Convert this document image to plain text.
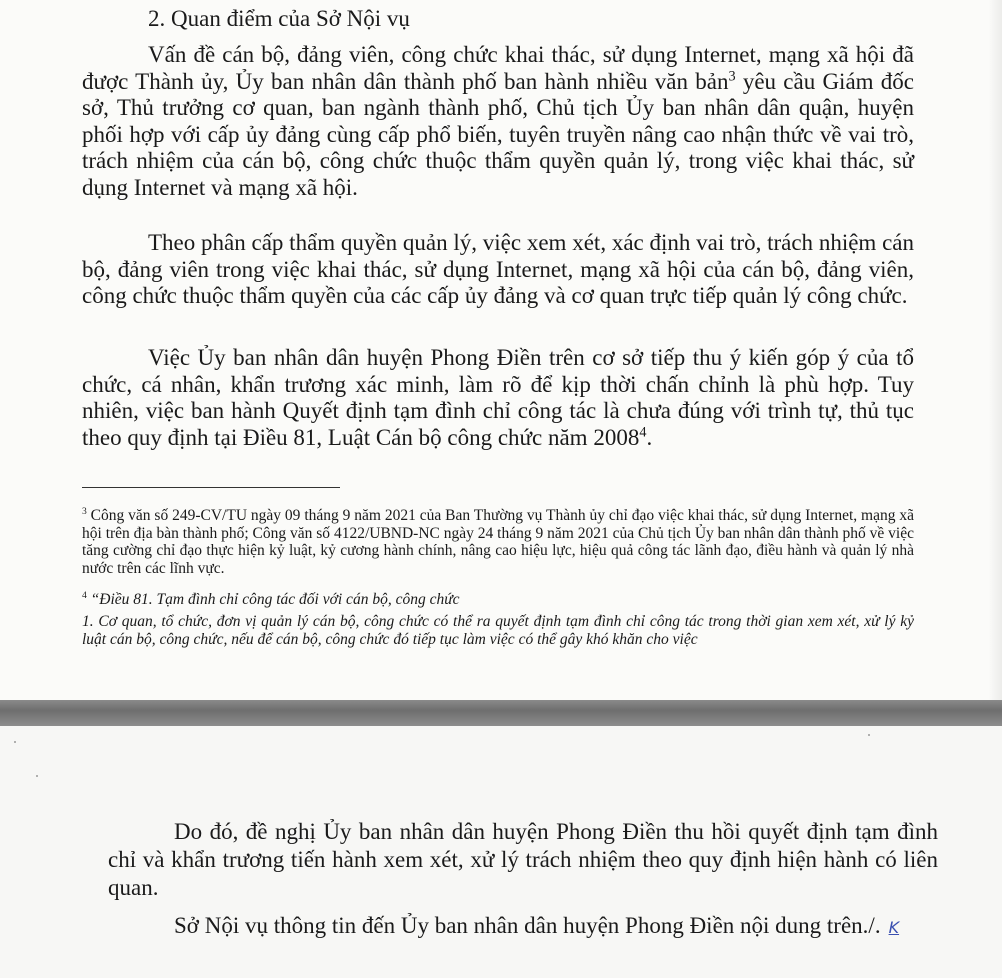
2. Quan điểm của Sở Nội vụ

Vấn đề cán bộ, đảng viên, công chức khai thác, sử dụng Internet, mạng xã hội đã được Thành ủy, Ủy ban nhân dân thành phố ban hành nhiều văn bản$^3$ yêu cầu Giám đốc sở, Thủ trưởng cơ quan, ban ngành thành phố, Chủ tịch Ủy ban nhân dân quận, huyện phối hợp với cấp ủy đảng cùng cấp phổ biến, tuyên truyền nâng cao nhận thức về vai trò, trách nhiệm của cán bộ, công chức thuộc thẩm quyền quản lý, trong việc khai thác, sử dụng Internet và mạng xã hội.

Theo phân cấp thẩm quyền quản lý, việc xem xét, xác định vai trò, trách nhiệm cán bộ, đảng viên trong việc khai thác, sử dụng Internet, mạng xã hội của cán bộ, đảng viên, công chức thuộc thẩm quyền của các cấp ủy đảng và cơ quan trực tiếp quản lý công chức.

Việc Ủy ban nhân dân huyện Phong Điền trên cơ sở tiếp thu ý kiến góp ý của tổ chức, cá nhân, khẩn trương xác minh, làm rõ để kịp thời chấn chỉnh là phù hợp. Tuy nhiên, việc ban hành Quyết định tạm đình chỉ công tác là chưa đúng với trình tự, thủ tục theo quy định tại Điều 81, Luật Cán bộ công chức năm 2008$^4$.

$^3$ Công văn số 249-CV/TU ngày 09 tháng 9 năm 2021 của Ban Thường vụ Thành ủy chỉ đạo việc khai thác, sử dụng Internet, mạng xã hội trên địa bàn thành phố; Công văn số 4122/UBND-NC ngày 24 tháng 9 năm 2021 của Chủ tịch Ủy ban nhân dân thành phố về việc tăng cường chỉ đạo thực hiện kỷ luật, kỷ cương hành chính, nâng cao hiệu lực, hiệu quả công tác lãnh đạo, điều hành và quản lý nhà nước trên các lĩnh vực.

$^4$ “Điều 81. Tạm đình chỉ công tác đối với cán bộ, công chức

1. Cơ quan, tổ chức, đơn vị quản lý cán bộ, công chức có thể ra quyết định tạm đình chỉ công tác trong thời gian xem xét, xử lý kỷ luật cán bộ, công chức, nếu để cán bộ, công chức đó tiếp tục làm việc có thể gây khó khăn cho việc

Do đó, đề nghị Ủy ban nhân dân huyện Phong Điền thu hồi quyết định tạm đình chỉ và khẩn trương tiến hành xem xét, xử lý trách nhiệm theo quy định hiện hành có liên quan.

Sở Nội vụ thông tin đến Ủy ban nhân dân huyện Phong Điền nội dung trên./. K
